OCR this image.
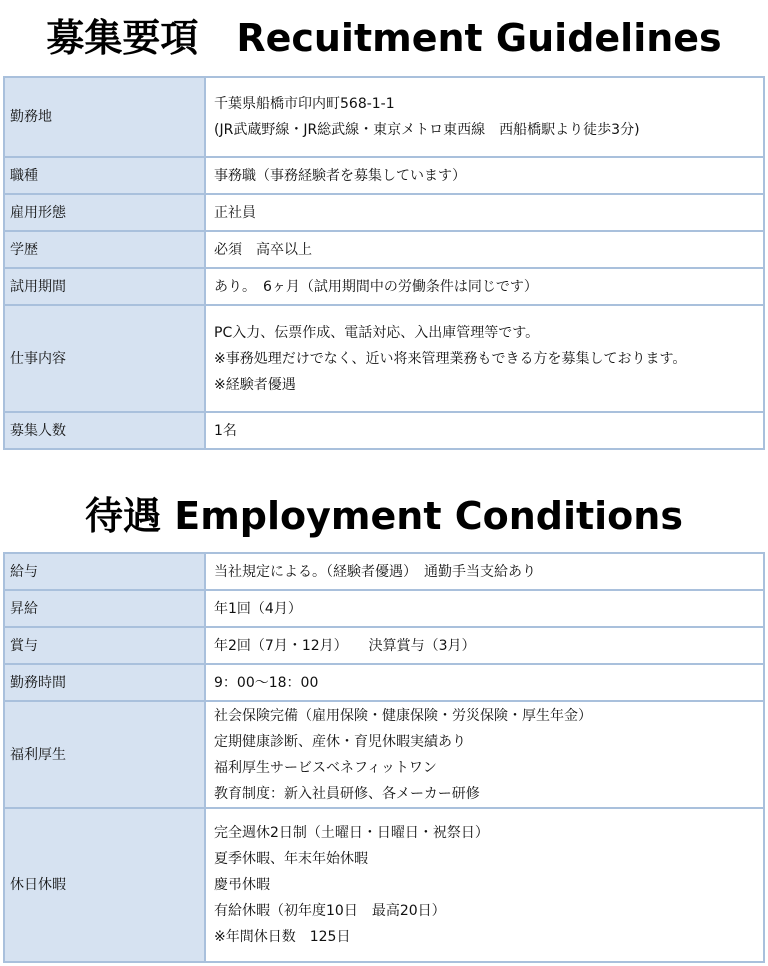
募集要項　Recuitment Guidelines
勤務地	千葉県船橋市印内町568-1-1
(JR武蔵野線・JR総武線・東京メトロ東西線　西船橋駅より徒歩3分)

職種	事務職（事務経験者を募集しています）

雇用形態	正社員

学歴	必須　高卒以上

試用期間	あり。　6ヶ月（試用期間中の労働条件は同じです）

仕事内容	PC入力、伝票作成、電話対応、入出庫管理等です。
※事務処理だけでなく、近い将来管理業務もできる方を募集しております。
※経験者優遇

募集人数	1名
待遇 Employment Conditions
給与	当社規定による。（経験者優遇）　通勤手当支給あり

昇給	年1回（4月）

賞与	年2回（7月・12月）　　決算賞与（3月）

勤務時間	9：00～18：00

福利厚生	社会保険完備（雇用保険・健康保険・労災保険・厚生年金）
定期健康診断、産休・育児休暇実績あり
福利厚生サービスベネフィットワン
教育制度：新入社員研修、各メーカー研修

休日休暇	完全週休2日制（土曜日・日曜日・祝祭日）
夏季休暇、年末年始休暇
慶弔休暇
有給休暇（初年度10日　最高20日）
※年間休日数　125日
